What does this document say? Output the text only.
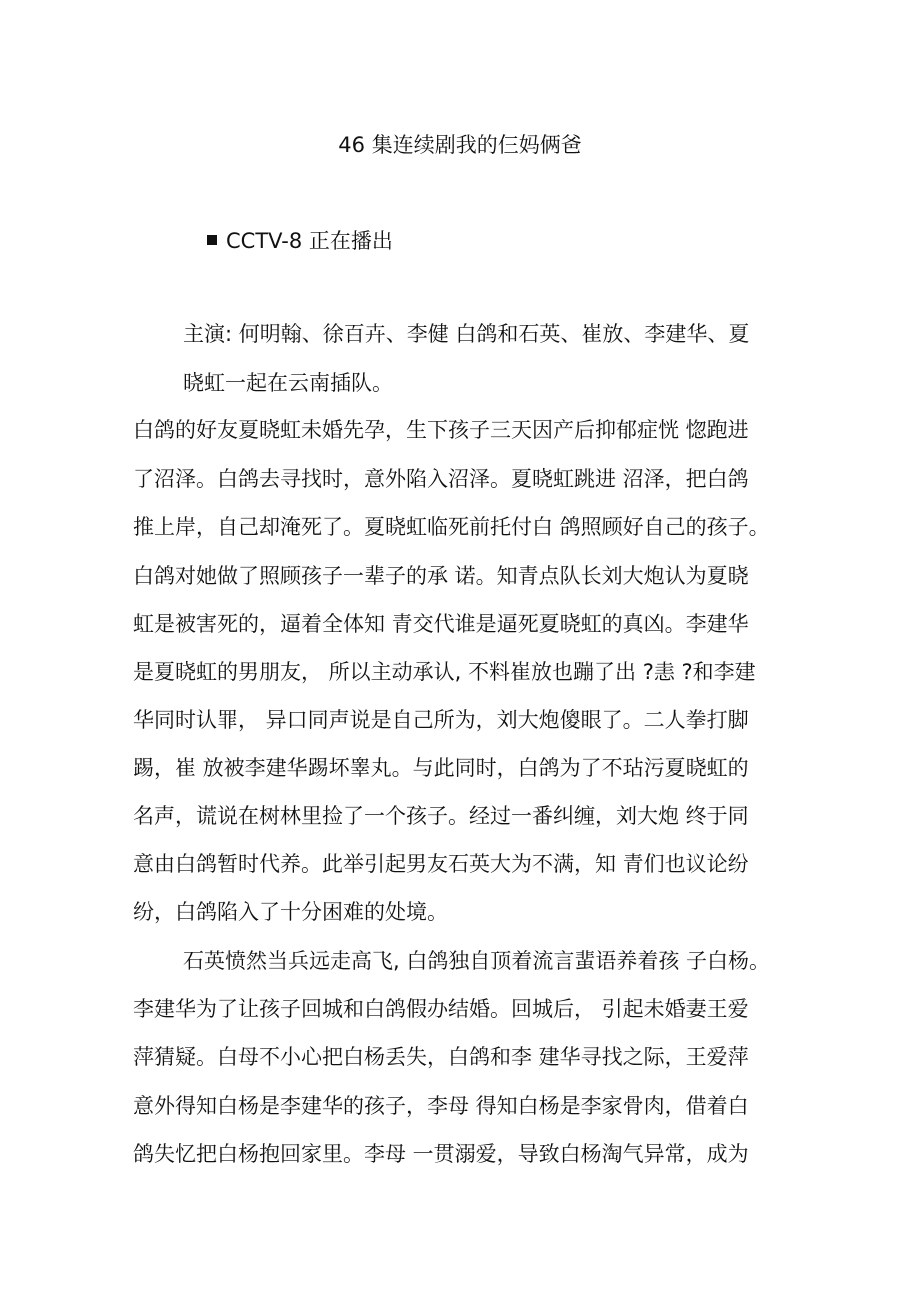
46 集连续剧我的仨妈俩爸
CCTV-8 正在播出
主演: 何明翰、徐百卉、李健 白鸽和石英、崔放、李建华、夏
晓虹一起在云南插队。
白鸽的好友夏晓虹未婚先孕，生下孩子三天因产后抑郁症恍 惚跑进
了沼泽。白鸽去寻找时，意外陷入沼泽。夏晓虹跳进 沼泽，把白鸽
推上岸，自己却淹死了。夏晓虹临死前托付白 鸽照顾好自己的孩子。
白鸽对她做了照顾孩子一辈子的承 诺。知青点队长刘大炮认为夏晓
虹是被害死的，逼着全体知 青交代谁是逼死夏晓虹的真凶。李建华
是夏晓虹的男朋友， 所以主动承认, 不料崔放也蹦了出 ?恚 ?和李建
华同时认罪， 异口同声说是自己所为，刘大炮傻眼了。二人拳打脚
踢，崔 放被李建华踢坏睾丸。与此同时，白鸽为了不玷污夏晓虹的
名声，谎说在树林里捡了一个孩子。经过一番纠缠，刘大炮 终于同
意由白鸽暂时代养。此举引起男友石英大为不满，知 青们也议论纷
纷，白鸽陷入了十分困难的处境。
石英愤然当兵远走高飞, 白鸽独自顶着流言蜚语养着孩 子白杨。
李建华为了让孩子回城和白鸽假办结婚。回城后， 引起未婚妻王爱
萍猜疑。白母不小心把白杨丢失，白鸽和李 建华寻找之际，王爱萍
意外得知白杨是李建华的孩子，李母 得知白杨是李家骨肉，借着白
鸽失忆把白杨抱回家里。李母 一贯溺爱，导致白杨淘气异常，成为
